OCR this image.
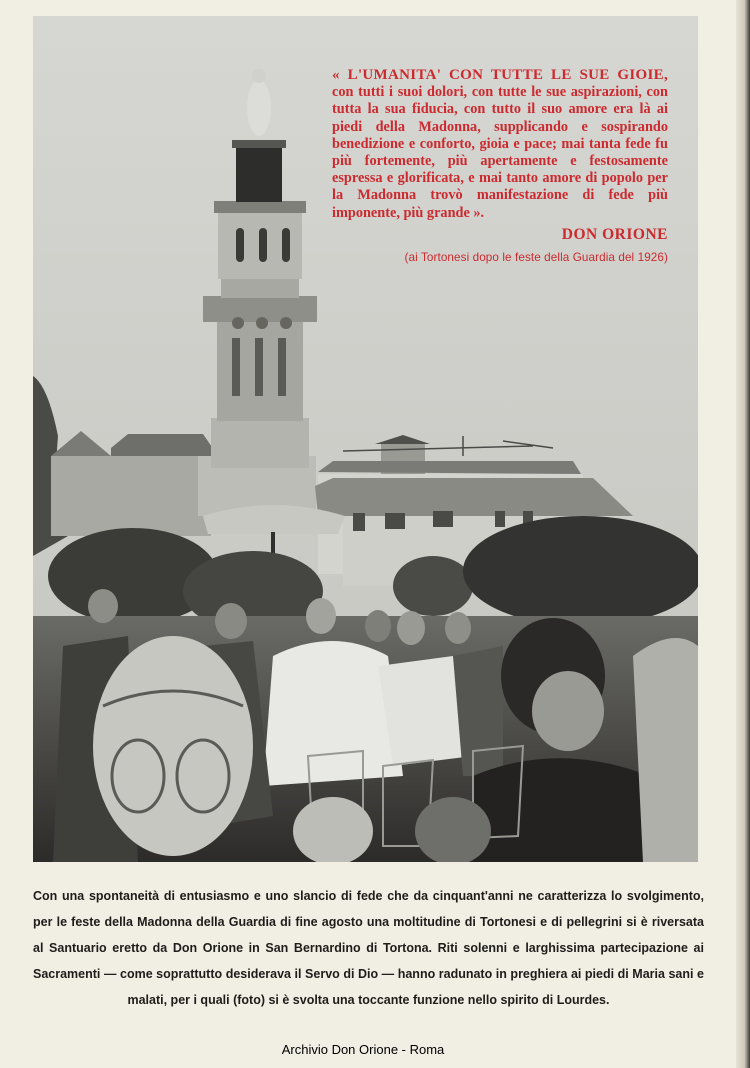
« L'UMANITA' CON TUTTE LE SUE GIOIE, con tutti i suoi dolori, con tutte le sue aspirazioni, con tutta la sua fiducia, con tutto il suo amore era là ai piedi della Madonna, supplicando e sospirando benedizione e conforto, gioia e pace; mai tanta fede fu più fortemente, più apertamente e festosamente espressa e glorificata, e mai tanto amore di popolo per la Madonna trovò manifestazione di fede più imponente, più grande ».

DON ORIONE
(ai Tortonesi dopo le feste della Guardia del 1926)
Con una spontaneità di entusiasmo e uno slancio di fede che da cinquant'anni ne caratterizza lo svolgimento, per le feste della Madonna della Guardia di fine agosto una moltitudine di Tortonesi e di pellegrini si è riversata al Santuario eretto da Don Orione in San Bernardino di Tortona. Riti solenni e larghissima partecipazione ai Sacramenti — come soprattutto desiderava il Servo di Dio — hanno radunato in preghiera ai piedi di Maria sani e malati, per i quali (foto) si è svolta una toccante funzione nello spirito di Lourdes.
Archivio Don Orione - Roma
